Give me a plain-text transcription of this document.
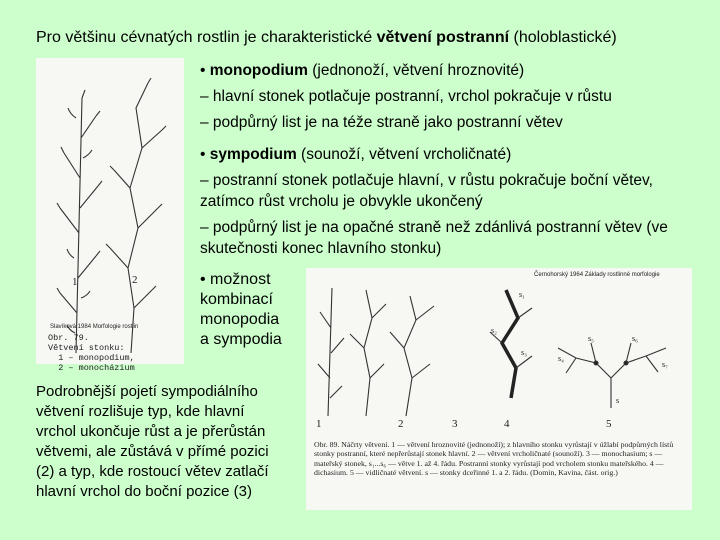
Pro většinu cévnatých rostlin je charakteristické větvení postranní (holoblastické)
• monopodium (jednonoží, větvení hroznovité)
– hlavní stonek potlačuje postranní, vrchol pokračuje v růstu
– podpůrný list je na téže straně jako postranní větev
• sympodium (sounoží, větvení vrcholičnaté)
– postranní stonek potlačuje hlavní, v růstu pokračuje boční větev, zatímco růst vrcholu je obvykle ukončený
– podpůrný list je na opačné straně než zdánlivá postranní větev (ve skutečnosti konec hlavního stonku)
• možnost
kombinací
monopodia
a sympodia
Podrobnější pojetí sympodiálního
větvení rozlišuje typ, kde hlavní
vrchol ukončuje růst a je přerůstán
větvemi, ale zůstává v přímé pozici
(2) a typ, kde rostoucí větev zatlačí
hlavní vrchol do boční pozice (3)
1	2
Slavíková 1984 Morfologie rostlin
Obr. 79.
Větvení stonku:
1 – monopodium,
2 – monocházium
Černohorský 1964 Základy rostlinné morfologie
1	2	3	4	5
s₁
s₂
s₃
s₄
s₅	s₆
s₇
s
Obr. 89. Náčrty větvení. 1 — větvení hroznovité (jednonoží); z hlavního stonku vyrůstají v úžlabí podpůrných lístů stonky postranní, které nepřerůstají stonek hlavní. 2 — větvení vrcholičnaté (sounoží). 3 — monochasium; s — mateřský stonek, s₁...s₆ — větve 1. až 4. řádu. Postranní stonky vyrůstají pod vrcholem stonku mateřského. 4 — dichasium. 5 — vidličnaté větvení. s — stonky dceřinné 1. a 2. řádu. (Domin, Kavina, část. orig.)
